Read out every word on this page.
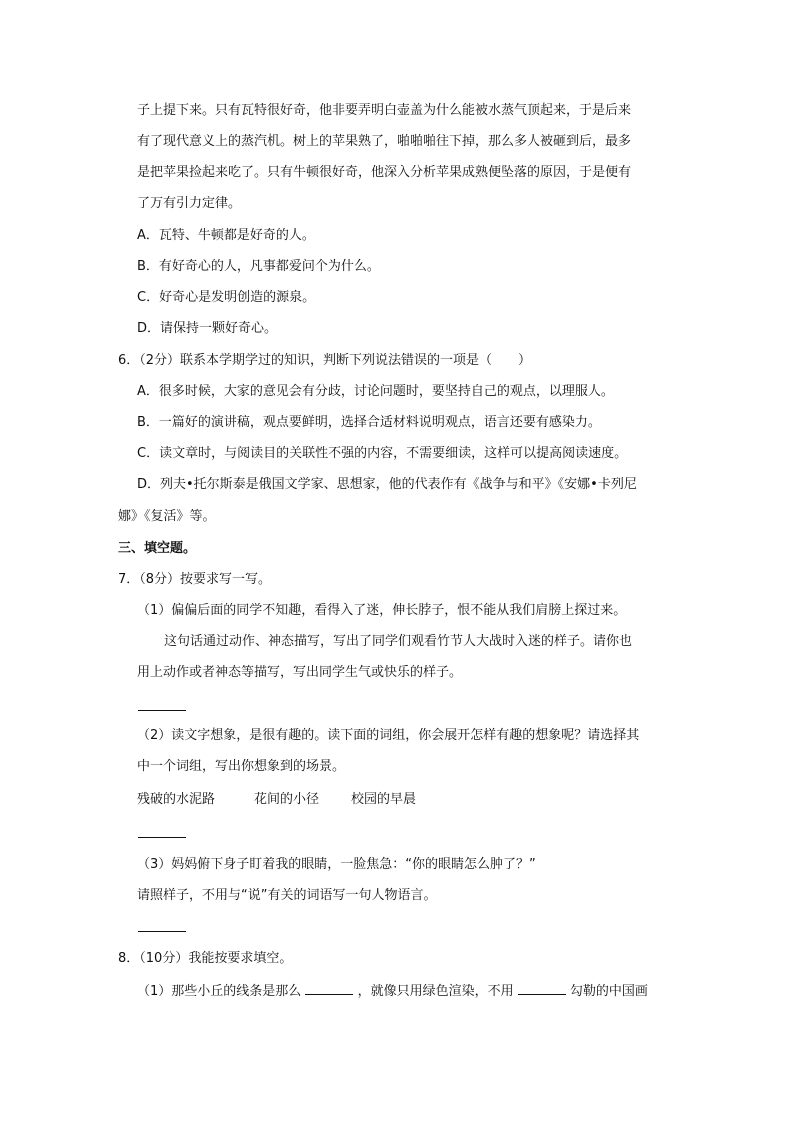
子上提下来。只有瓦特很好奇，他非要弄明白壶盖为什么能被水蒸气顶起来，于是后来
有了现代意义上的蒸汽机。树上的苹果熟了，啪啪啪往下掉，那么多人被砸到后，最多
是把苹果捡起来吃了。只有牛顿很好奇，他深入分析苹果成熟便坠落的原因，于是便有
了万有引力定律。
A．瓦特、牛顿都是好奇的人。
B．有好奇心的人，凡事都爱问个为什么。
C．好奇心是发明创造的源泉。
D．请保持一颗好奇心。
6．（2分）联系本学期学过的知识，判断下列说法错误的一项是（　　）
A．很多时候，大家的意见会有分歧，讨论问题时，要坚持自己的观点，以理服人。
B．一篇好的演讲稿，观点要鲜明，选择合适材料说明观点，语言还要有感染力。
C．读文章时，与阅读目的关联性不强的内容，不需要细读，这样可以提高阅读速度。
D．列夫•托尔斯泰是俄国文学家、思想家，他的代表作有《战争与和平》《安娜•卡列尼
娜》《复活》等。
三、填空题。
7．（8分）按要求写一写。
（1）偏偏后面的同学不知趣，看得入了迷，伸长脖子，恨不能从我们肩膀上探过来。
这句话通过动作、神态描写，写出了同学们观看竹节人大战时入迷的样子。请你也
用上动作或者神态等描写，写出同学生气或快乐的样子。
（2）读文字想象，是很有趣的。读下面的词组，你会展开怎样有趣的想象呢？请选择其
中一个词组，写出你想象到的场景。
残破的水泥路	花间的小径 校园的早晨
（3）妈妈俯下身子盯着我的眼睛，一脸焦急：“你的眼睛怎么肿了？”
请照样子，不用与“说”有关的词语写一句人物语言。
8．（10分）我能按要求填空。
（1）那些小丘的线条是那么	，就像只用绿色渲染，不用	勾勒的中国画
